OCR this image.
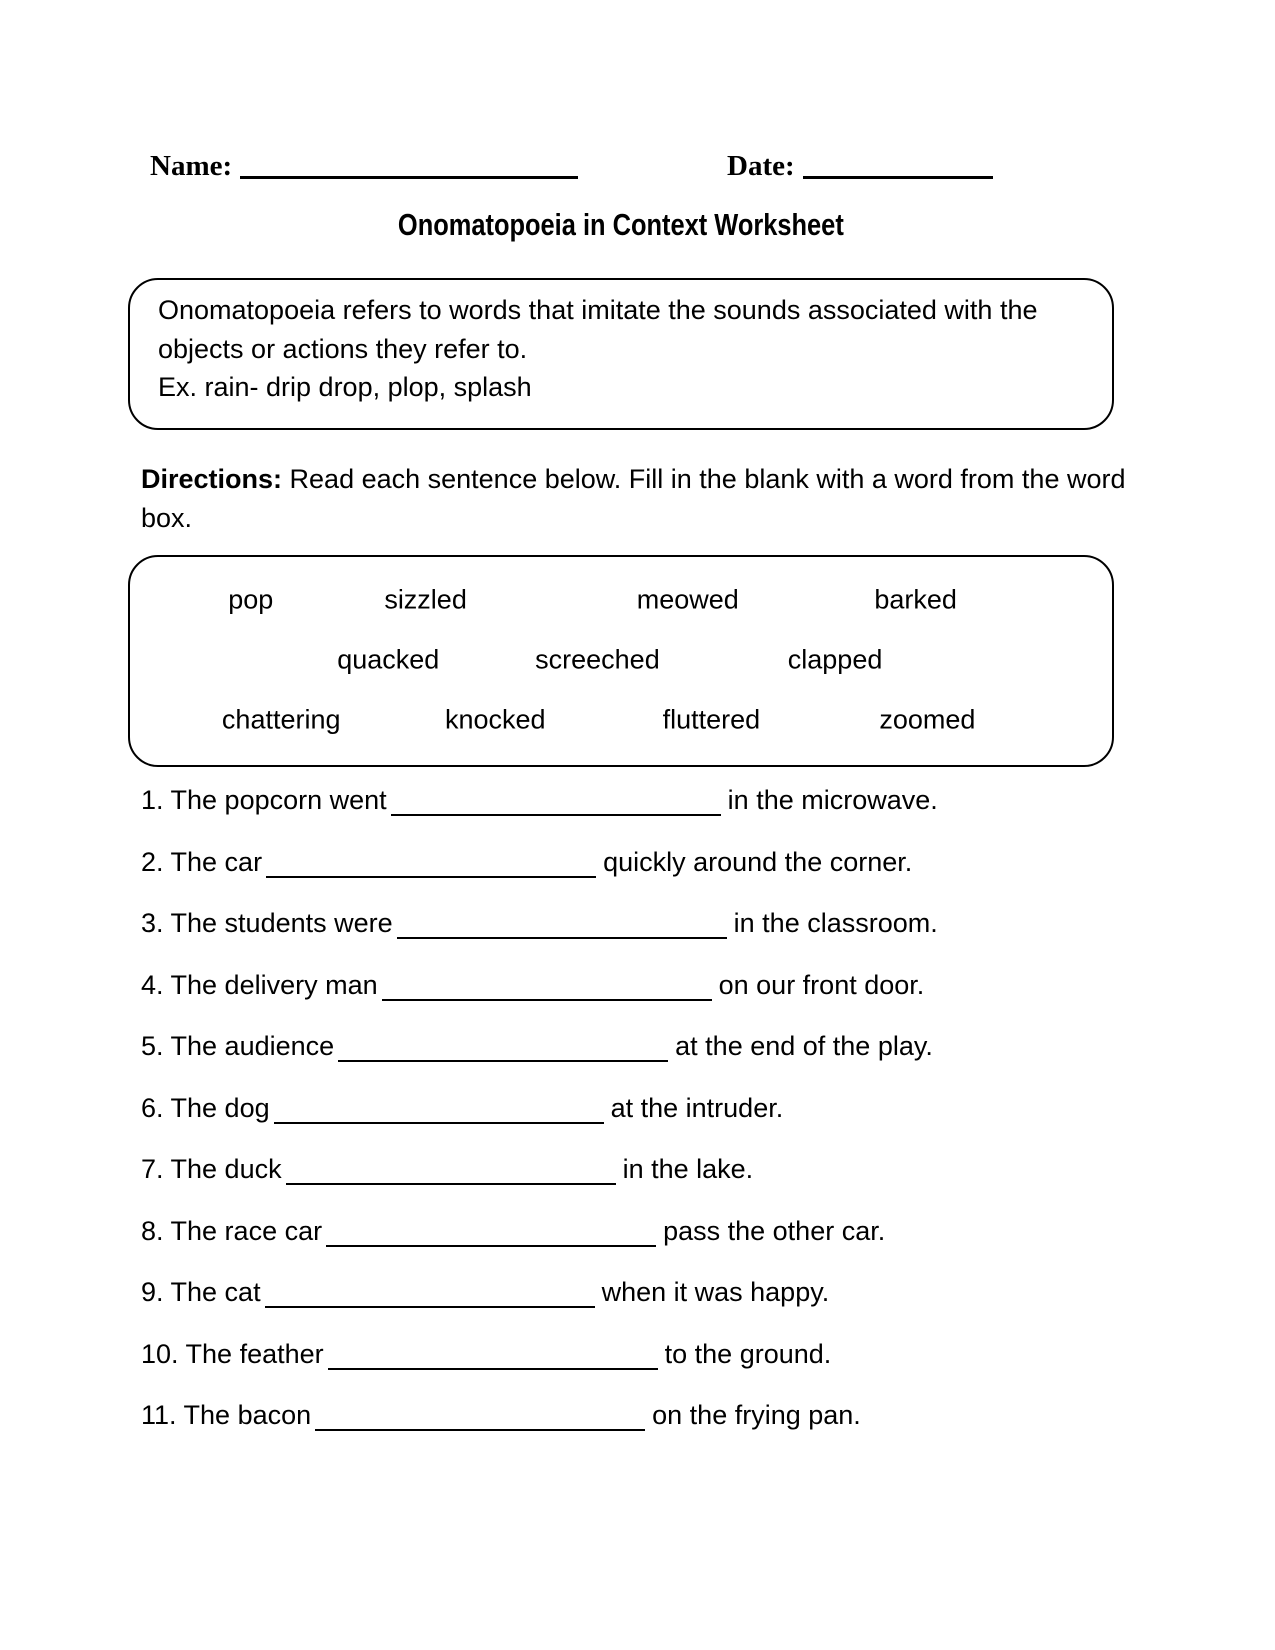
Name:	Date:
Onomatopoeia in Context Worksheet

Onomatopoeia refers to words that imitate the sounds associated with the objects or actions they refer to.

Ex. rain- drip drop, plop, splash

Directions: Read each sentence below. Fill in the blank with a word from the word box.
pop	sizzled	meowed	barked
quacked	screeched	clapped
chattering	knocked	fluttered	zoomed
1. The popcorn went	in the microwave.
2. The car	quickly around the corner.
3. The students were	in the classroom.
4. The delivery man	on our front door.
5. The audience	at the end of the play.
6. The dog	at the intruder.
7. The duck	in the lake.
8. The race car	pass the other car.
9. The cat	when it was happy.
10. The feather	to the ground.
11. The bacon	on the frying pan.
